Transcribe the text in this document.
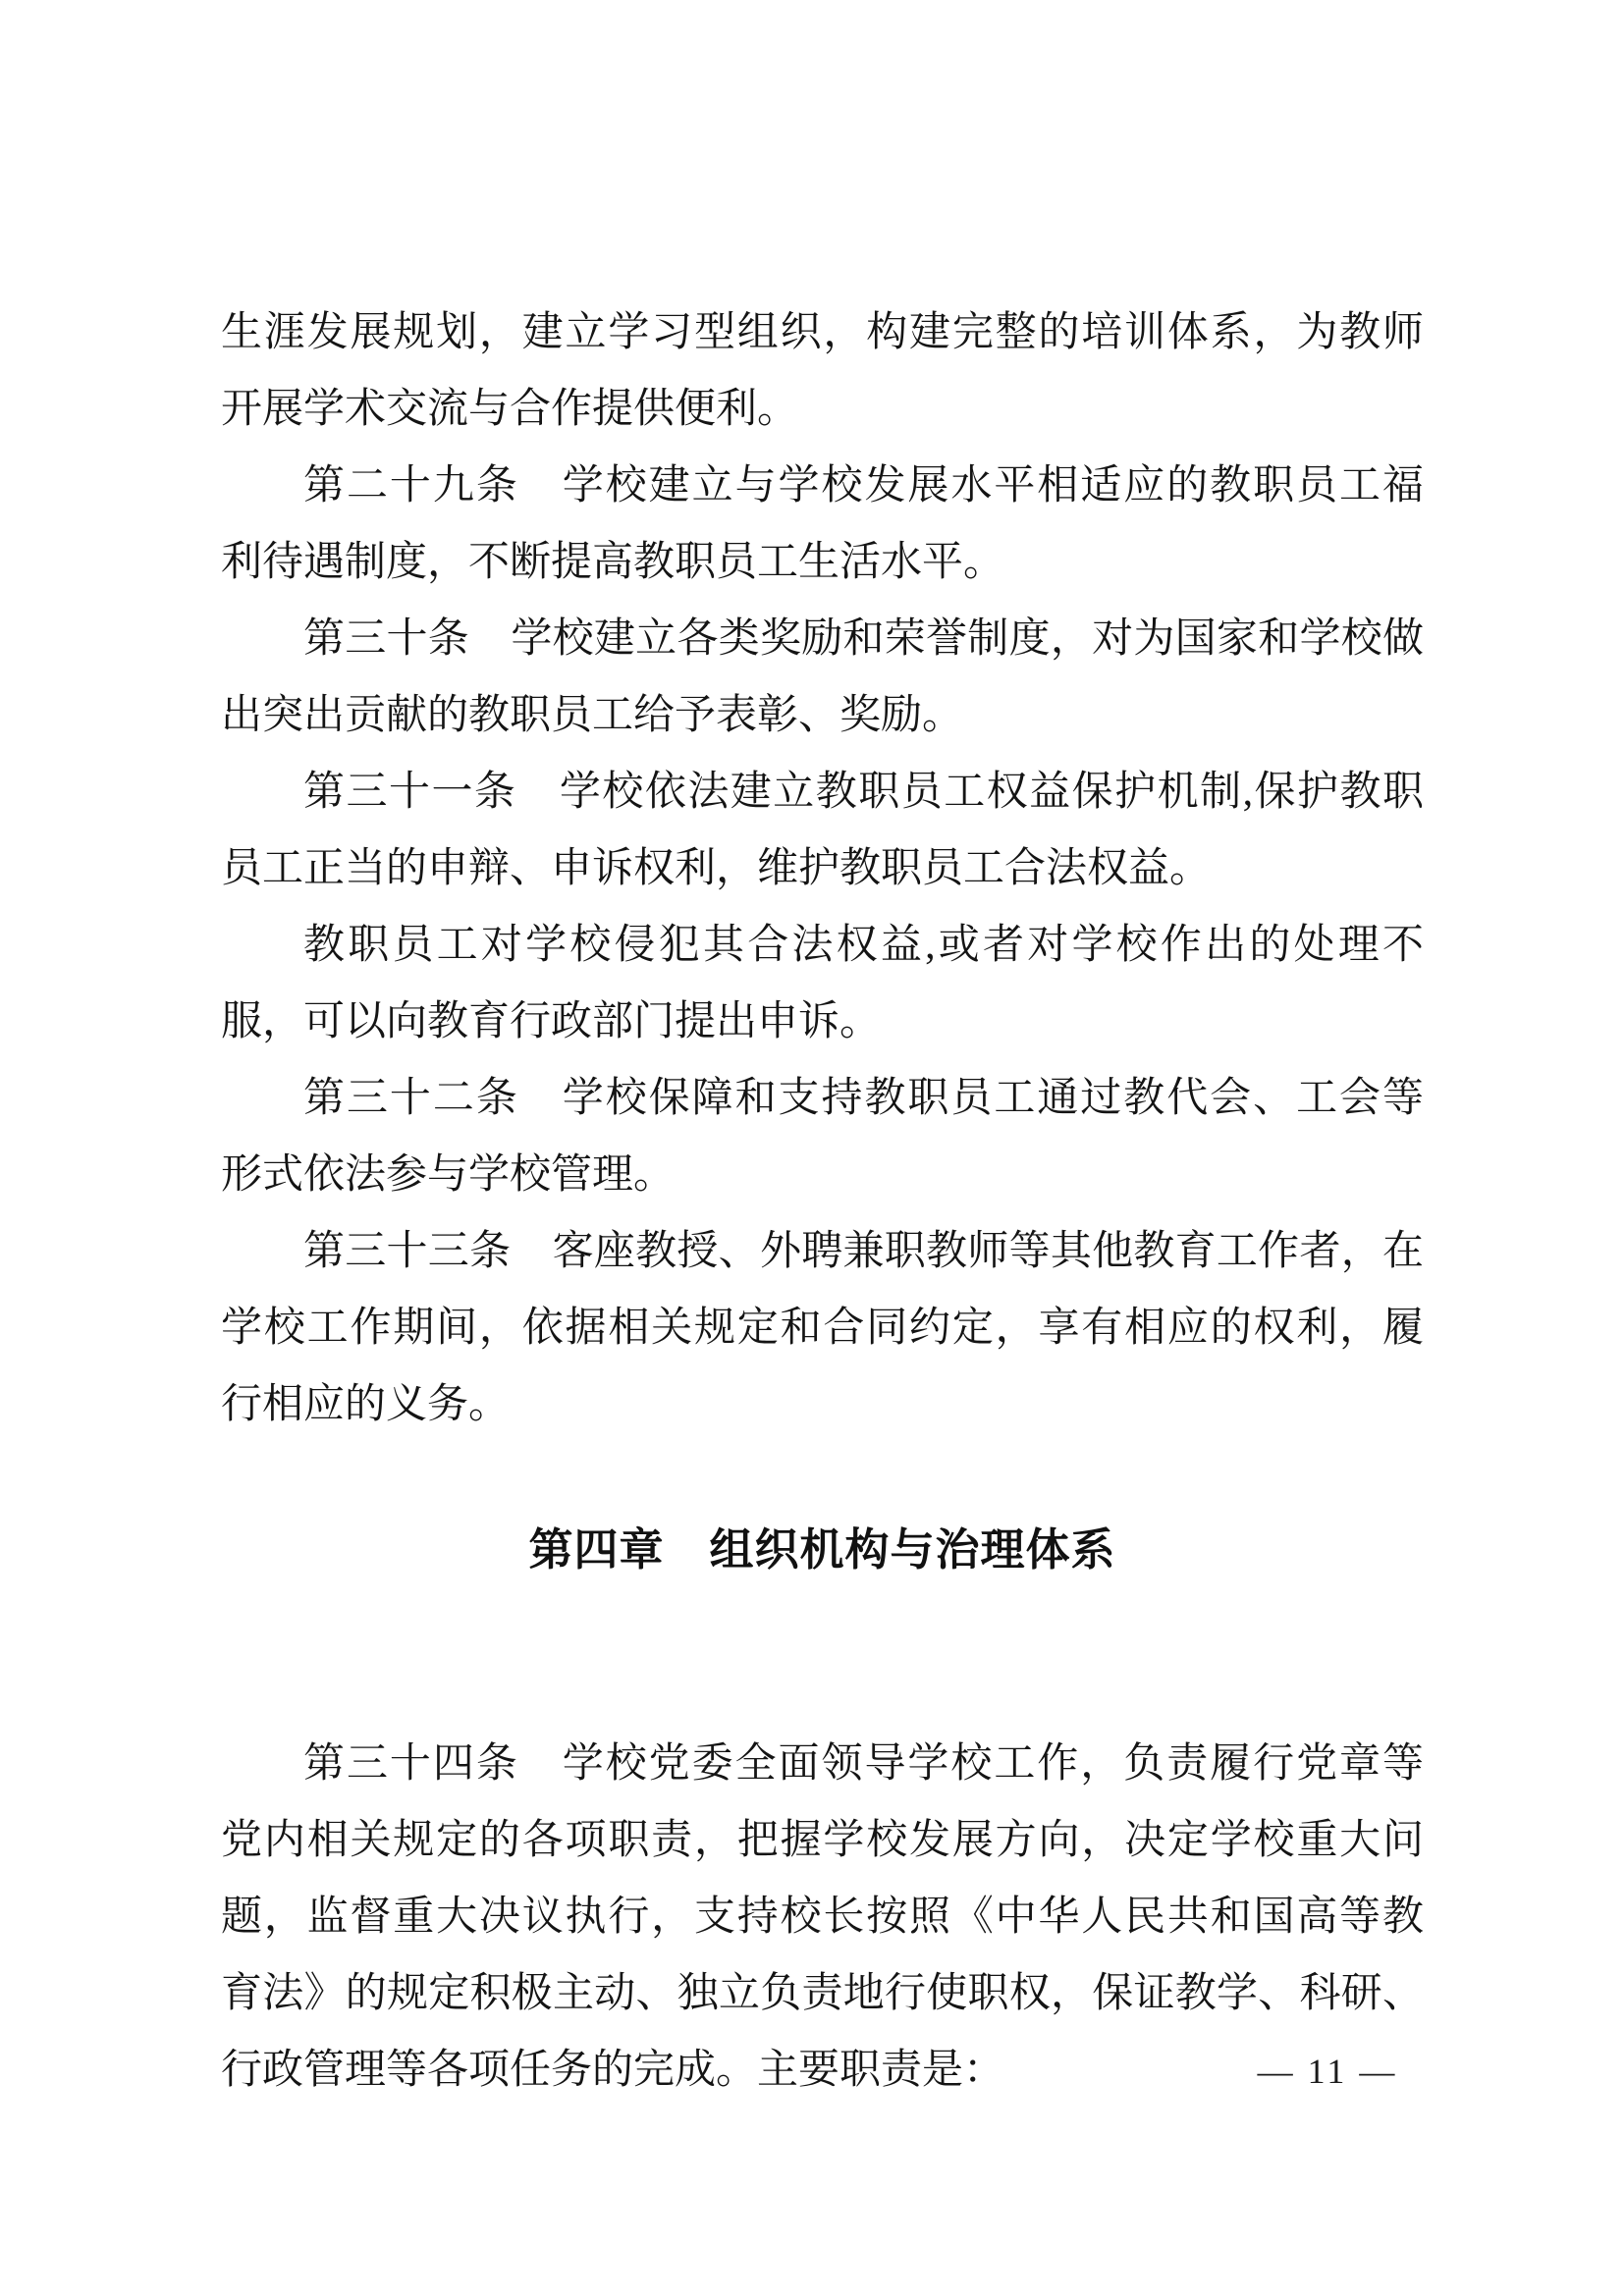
生涯发展规划，建立学习型组织，构建完整的培训体系，为教师
开展学术交流与合作提供便利。
第二十九条　学校建立与学校发展水平相适应的教职员工福
利待遇制度，不断提高教职员工生活水平。
第三十条　学校建立各类奖励和荣誉制度，对为国家和学校做
出突出贡献的教职员工给予表彰、奖励。
第三十一条　学校依法建立教职员工权益保护机制,保护教职
员工正当的申辩、申诉权利，维护教职员工合法权益。
教职员工对学校侵犯其合法权益,或者对学校作出的处理不
服，可以向教育行政部门提出申诉。
第三十二条　学校保障和支持教职员工通过教代会、工会等
形式依法参与学校管理。
第三十三条　客座教授、外聘兼职教师等其他教育工作者，在
学校工作期间，依据相关规定和合同约定，享有相应的权利，履
行相应的义务。
第四章　组织机构与治理体系
第三十四条　学校党委全面领导学校工作，负责履行党章等
党内相关规定的各项职责，把握学校发展方向，决定学校重大问
题，监督重大决议执行，支持校长按照《中华人民共和国高等教
育法》的规定积极主动、独立负责地行使职权，保证教学、科研、
行政管理等各项任务的完成。主要职责是：	— 11 —
